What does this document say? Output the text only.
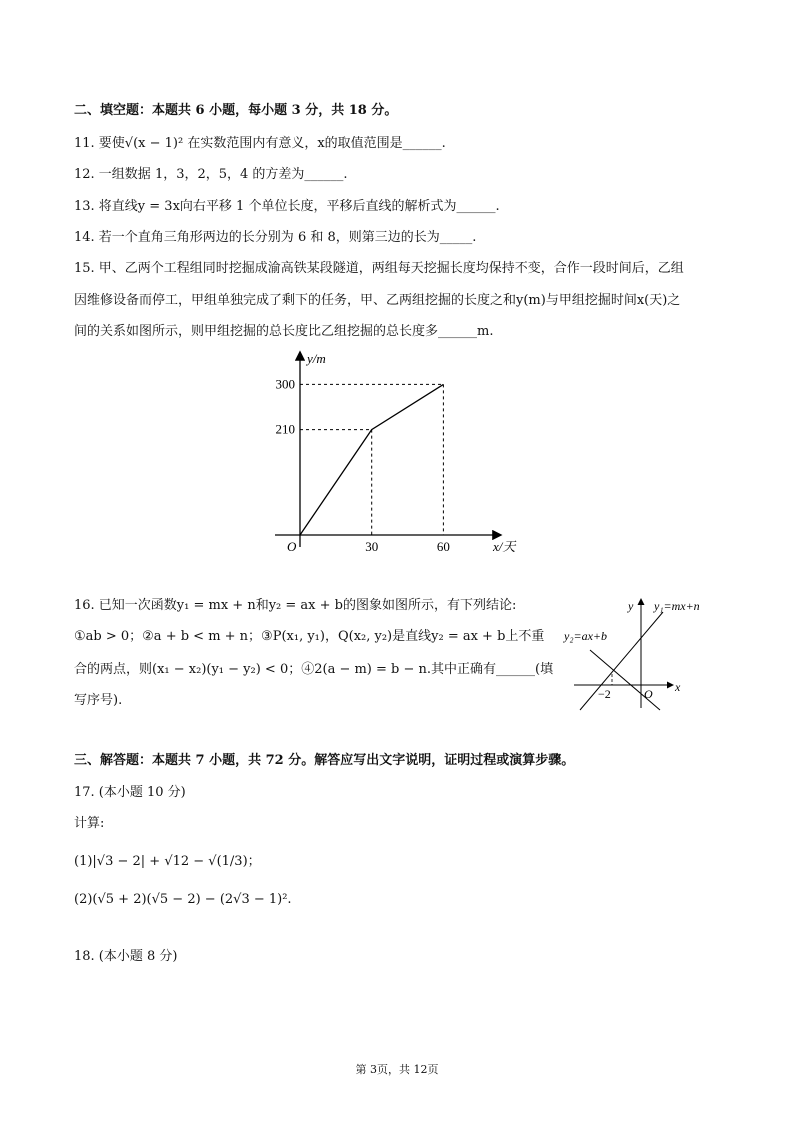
二、填空题：本题共 6 小题，每小题 3 分，共 18 分。
11. 要使√(x − 1)² 在实数范围内有意义，x的取值范围是______.
12. 一组数据 1，3，2，5，4 的方差为______.
13. 将直线y = 3x向右平移 1 个单位长度，平移后直线的解析式为______.
14. 若一个直角三角形两边的长分别为 6 和 8，则第三边的长为_____.
15. 甲、乙两个工程组同时挖掘成渝高铁某段隧道，两组每天挖掘长度均保持不变，合作一段时间后，乙组
因维修设备而停工，甲组单独完成了剩下的任务，甲、乙两组挖掘的长度之和y(m)与甲组挖掘时间x(天)之
间的关系如图所示，则甲组挖掘的总长度比乙组挖掘的总长度多______m.
y/m
x/天
O
210
300
30	60
16. 已知一次函数y₁ = mx + n和y₂ = ax + b的图象如图所示，有下列结论:
①ab > 0；②a + b < m + n；③P(x₁, y₁)，Q(x₂, y₂)是直线y₂ = ax + b上不重
合的两点，则(x₁ − x₂)(y₁ − y₂) < 0；④2(a − m) = b − n.其中正确有______(填
写序号).
y
x
O
−2
y₁=mx+n
y₂=ax+b
三、解答题：本题共 7 小题，共 72 分。解答应写出文字说明，证明过程或演算步骤。
17. (本小题 10 分)
计算:
(1)|√3 − 2| + √12 − √(1/3)；
(2)(√5 + 2)(√5 − 2) − (2√3 − 1)².
18. (本小题 8 分)
第 3页，共 12页
